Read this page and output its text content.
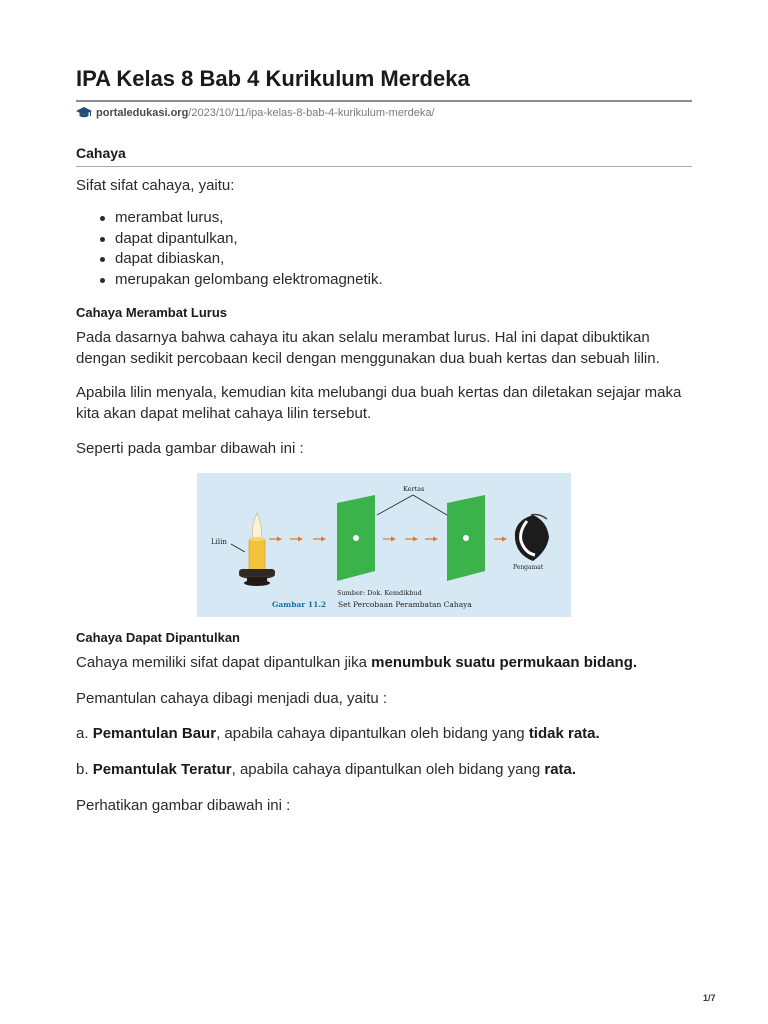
IPA Kelas 8 Bab 4 Kurikulum Merdeka
portaledukasi.org /2023/10/11/ipa-kelas-8-bab-4-kurikulum-merdeka/
Cahaya

Sifat sifat cahaya, yaitu:

merambat lurus,
dapat dipantulkan,
dapat dibiaskan,
merupakan gelombang elektromagnetik.
Cahaya Merambat Lurus

Pada dasarnya bahwa cahaya itu akan selalu merambat lurus. Hal ini dapat dibuktikan dengan sedikit percobaan kecil dengan menggunakan dua buah kertas dan sebuah lilin.

Apabila lilin menyala, kemudian kita melubangi dua buah kertas dan diletakan sejajar maka kita akan dapat melihat cahaya lilin tersebut.

Seperti pada gambar dibawah ini :

Lilin
Kertas
Pengamat
Sumber: Dok. Kemdikbud
Gambar 11.2 Set Percobaan Perambatan Cahaya
Cahaya Dapat Dipantulkan

Cahaya memiliki sifat dapat dipantulkan jika menumbuk suatu permukaan bidang.

Pemantulan cahaya dibagi menjadi dua, yaitu :

a. Pemantulan Baur, apabila cahaya dipantulkan oleh bidang yang tidak rata.

b. Pemantulak Teratur, apabila cahaya dipantulkan oleh bidang yang rata.

Perhatikan gambar dibawah ini :

1/7
